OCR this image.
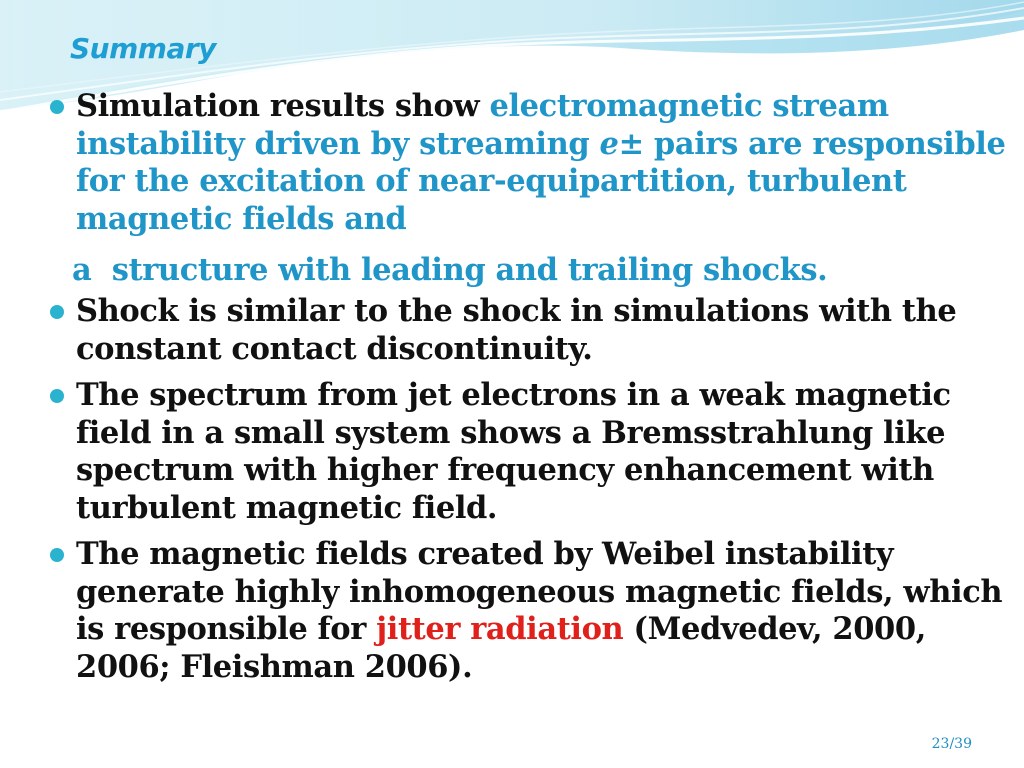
Summary
Simulation results show electromagnetic stream instability driven by streaming e± pairs are responsible for the excitation of near-equipartition, turbulent magnetic fields and
Shock is similar to the shock in simulations with the constant contact discontinuity.
The spectrum from jet electrons in a weak magnetic field in a small system shows a Bremsstrahlung like spectrum with higher frequency enhancement with turbulent magnetic field.
The magnetic fields created by Weibel instability generate highly inhomogeneous magnetic fields, which is responsible for jitter radiation (Medvedev, 2000, 2006; Fleishman 2006).
a  structure with leading and trailing shocks.
23/39
